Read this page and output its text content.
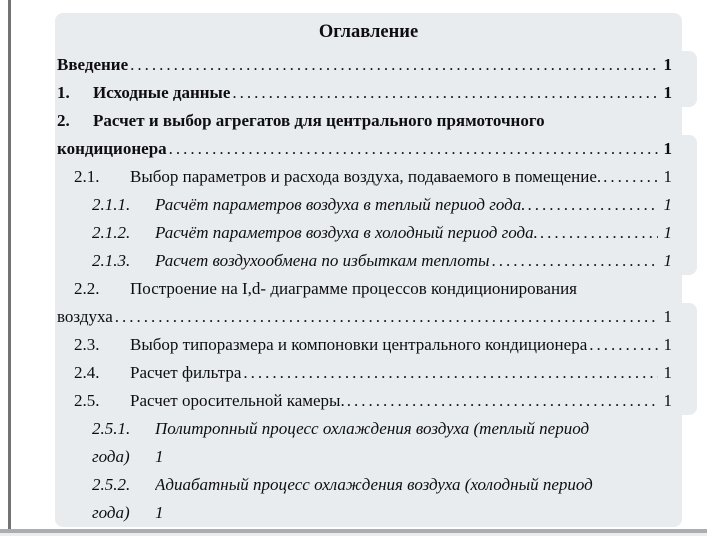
Оглавление
Введение .....	1
1.	Исходные данные .....	1
2.	Расчет и выбор агрегатов для центрального прямоточного
кондиционера .....	1
2.1.	Выбор параметров и расхода воздуха, подаваемого в помещение. .....	1
2.1.1.	Расчёт параметров воздуха в теплый период года. .....	1
2.1.2.	Расчёт параметров воздуха в холодный период года. .....	1
2.1.3.	Расчет воздухообмена по избыткам теплоты .....	1
2.2.	Построение на I,d- диаграмме процессов кондиционирования
воздуха .....	1
2.3.	Выбор типоразмера и компоновки центрального кондиционера .....	1
2.4.	Расчет фильтра .....	1
2.5.	Расчет оросительной камеры. .....	1
2.5.1.	Политропный процесс охлаждения воздуха (теплый период
года)	1
2.5.2.	Адиабатный процесс охлаждения воздуха (холодный период
года)	1
